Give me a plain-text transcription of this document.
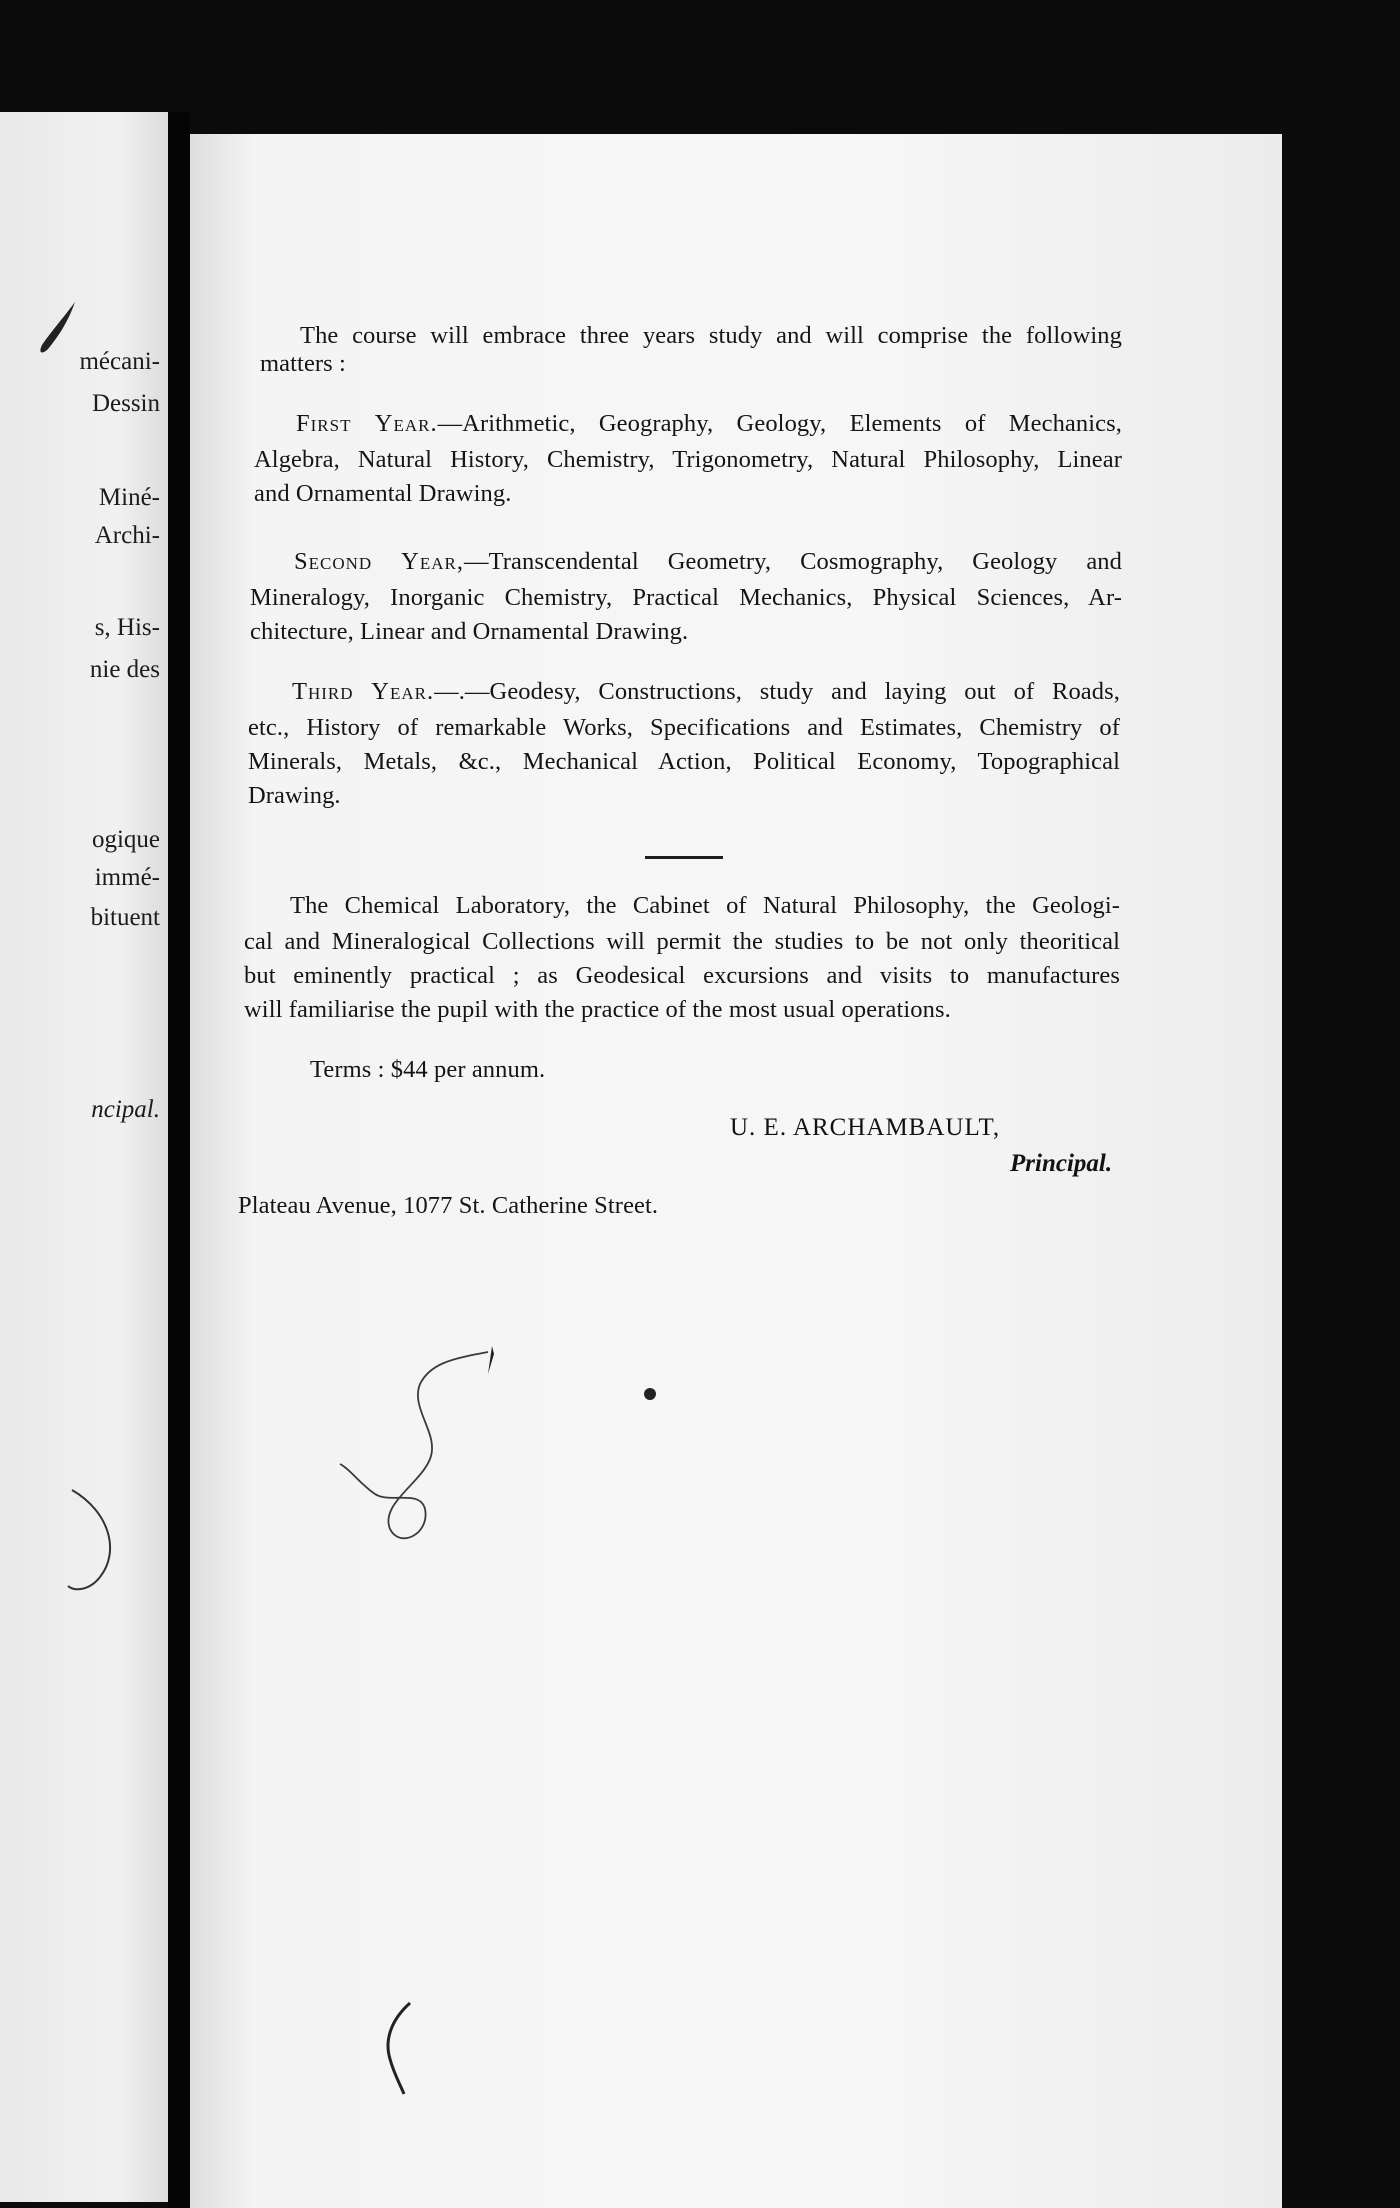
mécani-
Dessin
Miné-
Archi-
s, His-
nie des
ogique
immé-
bituent
ncipal.
The course will embrace three years study and will comprise the following
matters :
First Year.—Arithmetic, Geography, Geology, Elements of Mechanics,
Algebra, Natural History, Chemistry, Trigonometry, Natural Philosophy, Linear
and Ornamental Drawing.
Second Year,—Transcendental Geometry, Cosmography, Geology and
Mineralogy, Inorganic Chemistry, Practical Mechanics, Physical Sciences, Ar-
chitecture, Linear and Ornamental Drawing.
Third Year.—.—Geodesy, Constructions, study and laying out of Roads,
etc., History of remarkable Works, Specifications and Estimates, Chemistry of
Minerals, Metals, &c., Mechanical Action, Political Economy, Topographical
Drawing.
The Chemical Laboratory, the Cabinet of Natural Philosophy, the Geologi-
cal and Mineralogical Collections will permit the studies to be not only theoritical
but eminently practical ; as Geodesical excursions and visits to manufactures
will familiarise the pupil with the practice of the most usual operations.
Terms : $44 per annum.
U. E. ARCHAMBAULT,
Principal.
Plateau Avenue, 1077 St. Catherine Street.
